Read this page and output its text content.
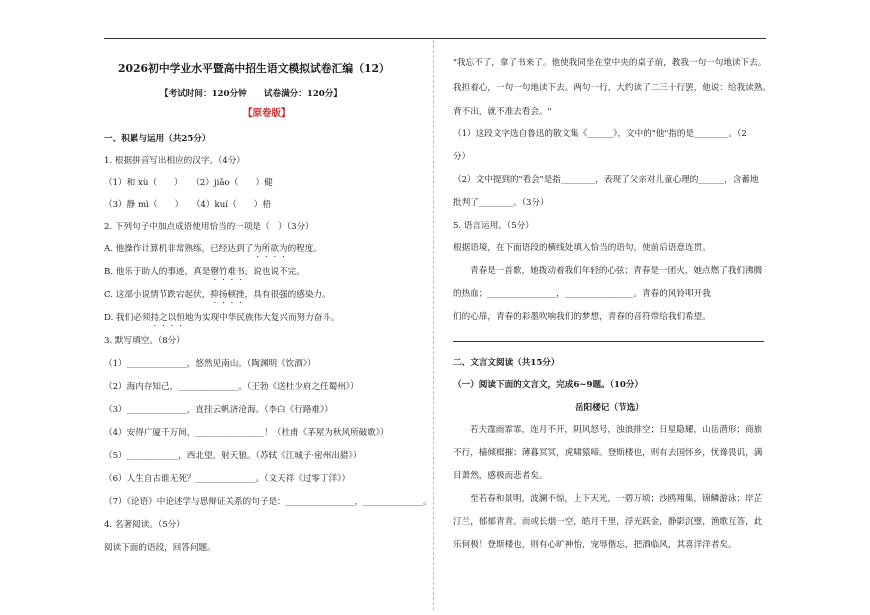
2026初中学业水平暨高中招生语文模拟试卷汇编（12）
【考试时间：120分钟　　试卷满分：120分】
【原卷版】
一、积累与运用（共25分）
1. 根据拼音写出相应的汉字。（4分）
（1）和 xù（　　）　　（2）jiǎo（　　）健
（3）静 mì（　　）　　（4）kuí（　　）梧
2. 下列句子中加点成语使用恰当的一项是（　）（3分）
A. 他操作计算机非常熟练，已经达到了为所欲为的程度。
B. 他乐于助人的事迹，真是罄竹难书，说也说不完。
C. 这部小说情节跌宕起伏，抑扬顿挫，具有很强的感染力。
D. 我们必须持之以恒地为实现中华民族伟大复兴而努力奋斗。
3. 默写填空。（8分）
（1）______________，悠然见南山。（陶渊明《饮酒》）
（2）海内存知己，______________。（王勃《送杜少府之任蜀州》）
（3）______________，直挂云帆济沧海。（李白《行路难》）
（4）安得广厦千万间，________________！（杜甫《茅屋为秋风所破歌》）
（5）____________，西北望，射天狼。（苏轼《江城子·密州出猎》）
（6）人生自古谁无死？______________。（文天祥《过零丁洋》）
（7）《论语》中论述学与思辩证关系的句子是：________________，______________。
4. 名著阅读。（5分）
阅读下面的语段，回答问题。
"我忘不了，拿了书来了。他使我同坐在堂中央的桌子前，教我一句一句地读下去。
我担着心，一句一句地读下去。两句一行，大约读了二三十行罢，他说：给我读熟。
背不出，就不准去看会。"
（1）这段文字选自鲁迅的散文集《______》，文中的"他"指的是________。（2
分）
（2）文中提到的"看会"是指________，表现了父亲对儿童心理的______，含蓄地
批判了________。（3分）
5. 语言运用。（5分）
根据语境，在下面语段的横线处填入恰当的语句，使前后语意连贯。
青春是一首歌，她拨动着我们年轻的心弦；青春是一团火，她点燃了我们沸腾
的热血；________________，________________。青春的风铃叩开我
们的心扉，青春的彩墨吹响我们的梦想，青春的音符带给我们希望。
二、文言文阅读（共15分）
（一）阅读下面的文言文，完成6~9题。（10分）
岳阳楼记（节选）
若夫霪雨霏霏，连月不开，阴风怒号，浊浪排空；日星隐耀，山岳潜形；商旅
不行，樯倾楫摧；薄暮冥冥，虎啸猿啼。登斯楼也，则有去国怀乡，忧谗畏讥，满
目萧然，感极而悲者矣。
至若春和景明，波澜不惊，上下天光，一碧万顷；沙鸥翔集，锦鳞游泳；岸芷
汀兰，郁郁青青。而或长烟一空，皓月千里，浮光跃金，静影沉璧，渔歌互答，此
乐何极！登斯楼也，则有心旷神怡，宠辱偕忘，把酒临风，其喜洋洋者矣。
